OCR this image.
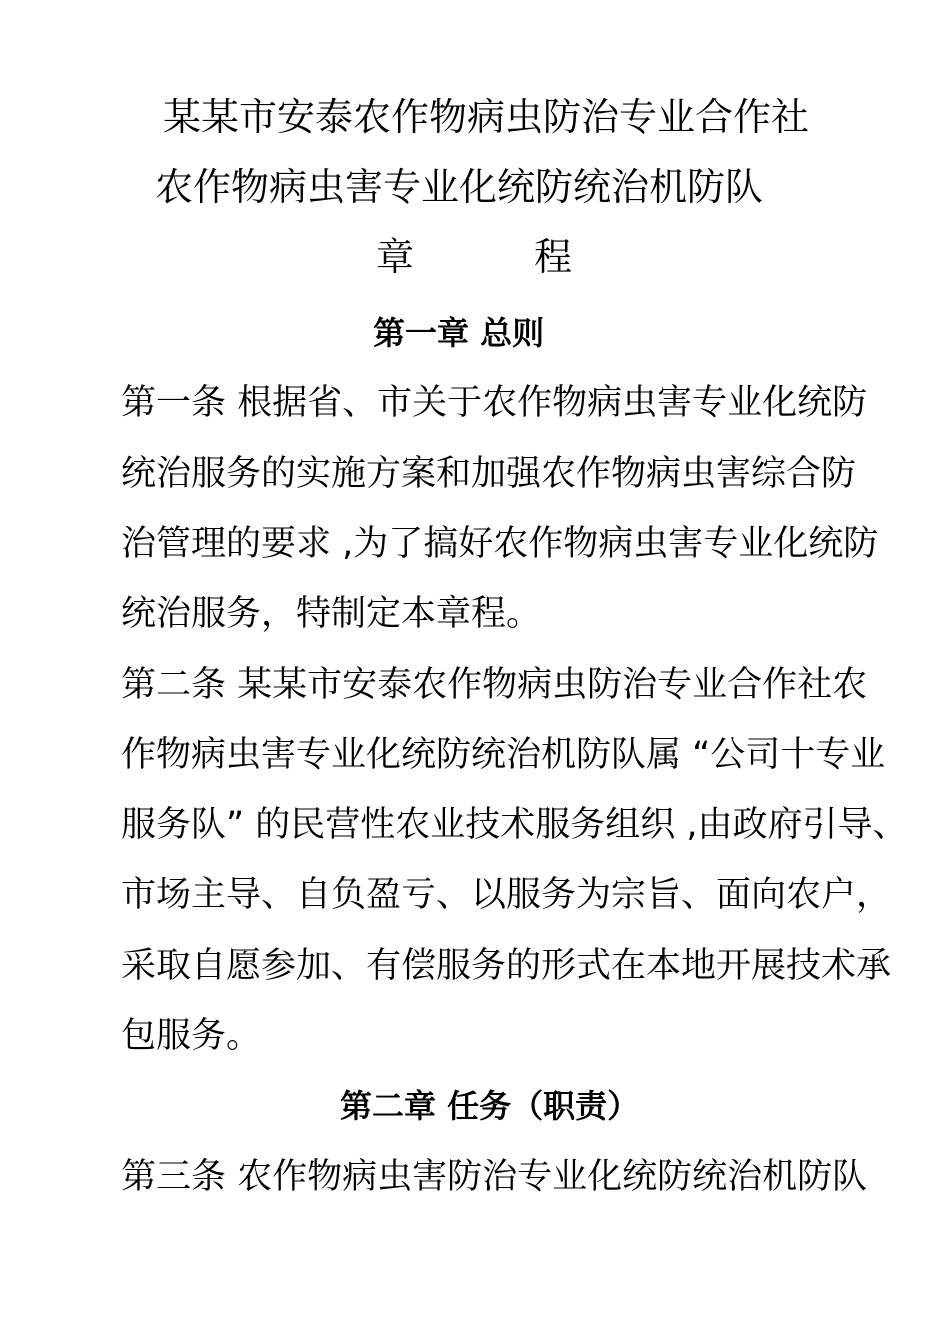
某某市安泰农作物病虫防治专业合作社
农作物病虫害专业化统防统治机防队
章	程
第一章 总则
第一条 根据省、市关于农作物病虫害专业化统防
统治服务的实施方案和加强农作物病虫害综合防
治管理的要求 ,为了搞好农作物病虫害专业化统防
统治服务，特制定本章程。
第二条 某某市安泰农作物病虫防治专业合作社农
作物病虫害专业化统防统治机防队属 “公司十专业
服务队” 的民营性农业技术服务组织 ,由政府引导、
市场主导、自负盈亏、以服务为宗旨、面向农户，
采取自愿参加、有偿服务的形式在本地开展技术承
包服务。
第二章 任务（职责）
第三条 农作物病虫害防治专业化统防统治机防队
